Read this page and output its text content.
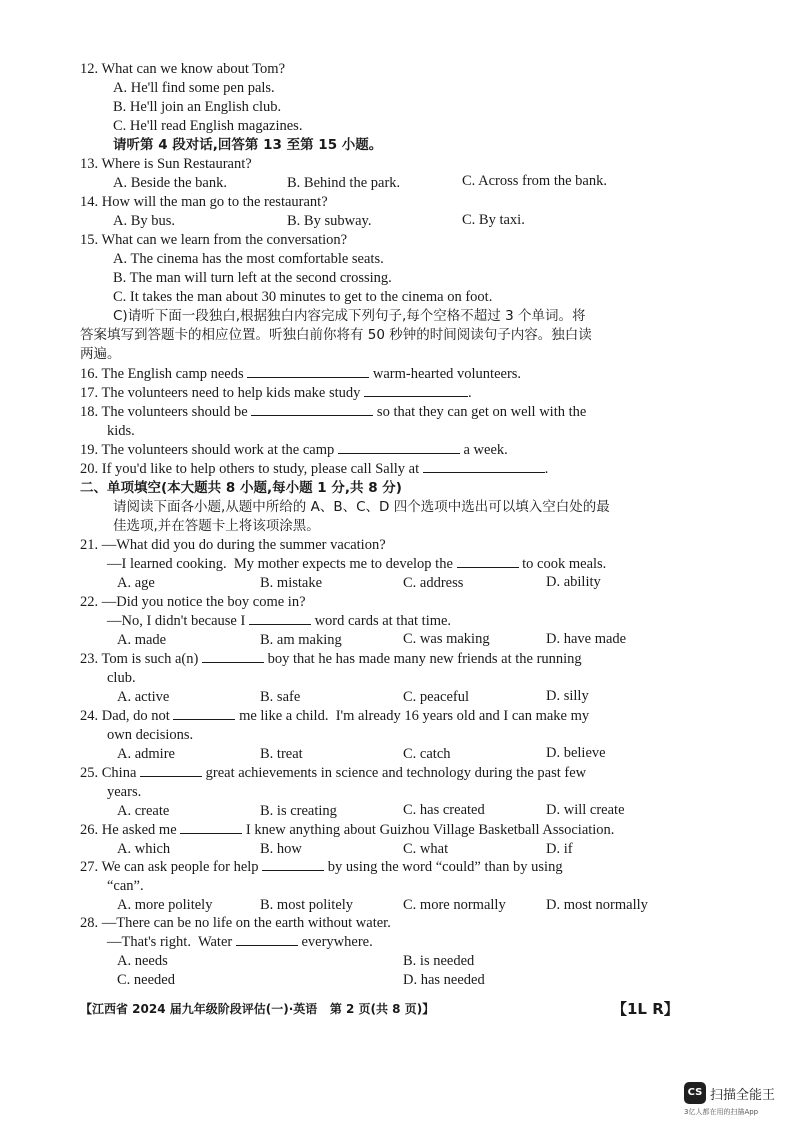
12. What can we know about Tom?
A. He'll find some pen pals.
B. He'll join an English club.
C. He'll read English magazines.
请听第 4 段对话,回答第 13 至第 15 小题。
13. Where is Sun Restaurant?
A. Beside the bank.	B. Behind the park.	C. Across from the bank.
14. How will the man go to the restaurant?
A. By bus.	B. By subway.	C. By taxi.
15. What can we learn from the conversation?
A. The cinema has the most comfortable seats.
B. The man will turn left at the second crossing.
C. It takes the man about 30 minutes to get to the cinema on foot.
C)请听下面一段独白,根据独白内容完成下列句子,每个空格不超过 3 个单词。将
答案填写到答题卡的相应位置。听独白前你将有 50 秒钟的时间阅读句子内容。独白读
两遍。
16. The English camp needs	warm-hearted volunteers.
17. The volunteers need to help kids make study	.
18. The volunteers should be	so that they can get on well with the
kids.
19. The volunteers should work at the camp	a week.
20. If you'd like to help others to study, please call Sally at	.
二、单项填空(本大题共 8 小题,每小题 1 分,共 8 分)
请阅读下面各小题,从题中所给的 A、B、C、D 四个选项中选出可以填入空白处的最
佳选项,并在答题卡上将该项涂黑。
21. —What did you do during the summer vacation?
—I learned cooking.  My mother expects me to develop the	to cook meals.
A. age	B. mistake	C. address	D. ability
22. —Did you notice the boy come in?
—No, I didn't because I	word cards at that time.
A. made	B. am making	C. was making	D. have made
23. Tom is such a(n)	boy that he has made many new friends at the running
club.
A. active	B. safe	C. peaceful	D. silly
24. Dad, do not	me like a child.  I'm already 16 years old and I can make my
own decisions.
A. admire	B. treat	C. catch	D. believe
25. China	great achievements in science and technology during the past few
years.
A. create	B. is creating	C. has created	D. will create
26. He asked me	I knew anything about Guizhou Village Basketball Association.
A. which	B. how	C. what	D. if
27. We can ask people for help	by using the word “could” than by using
“can”.
A. more politely	B. most politely	C. more normally	D. most normally
28. —There can be no life on the earth without water.
—That's right.  Water	everywhere.
A. needs	B. is needed
C. needed	D. has needed
【江西省 2024 届九年级阶段评估(一)·英语   第 2 页(共 8 页)】	【1L R】
CS 扫描全能王
3亿人都在用的扫描App
